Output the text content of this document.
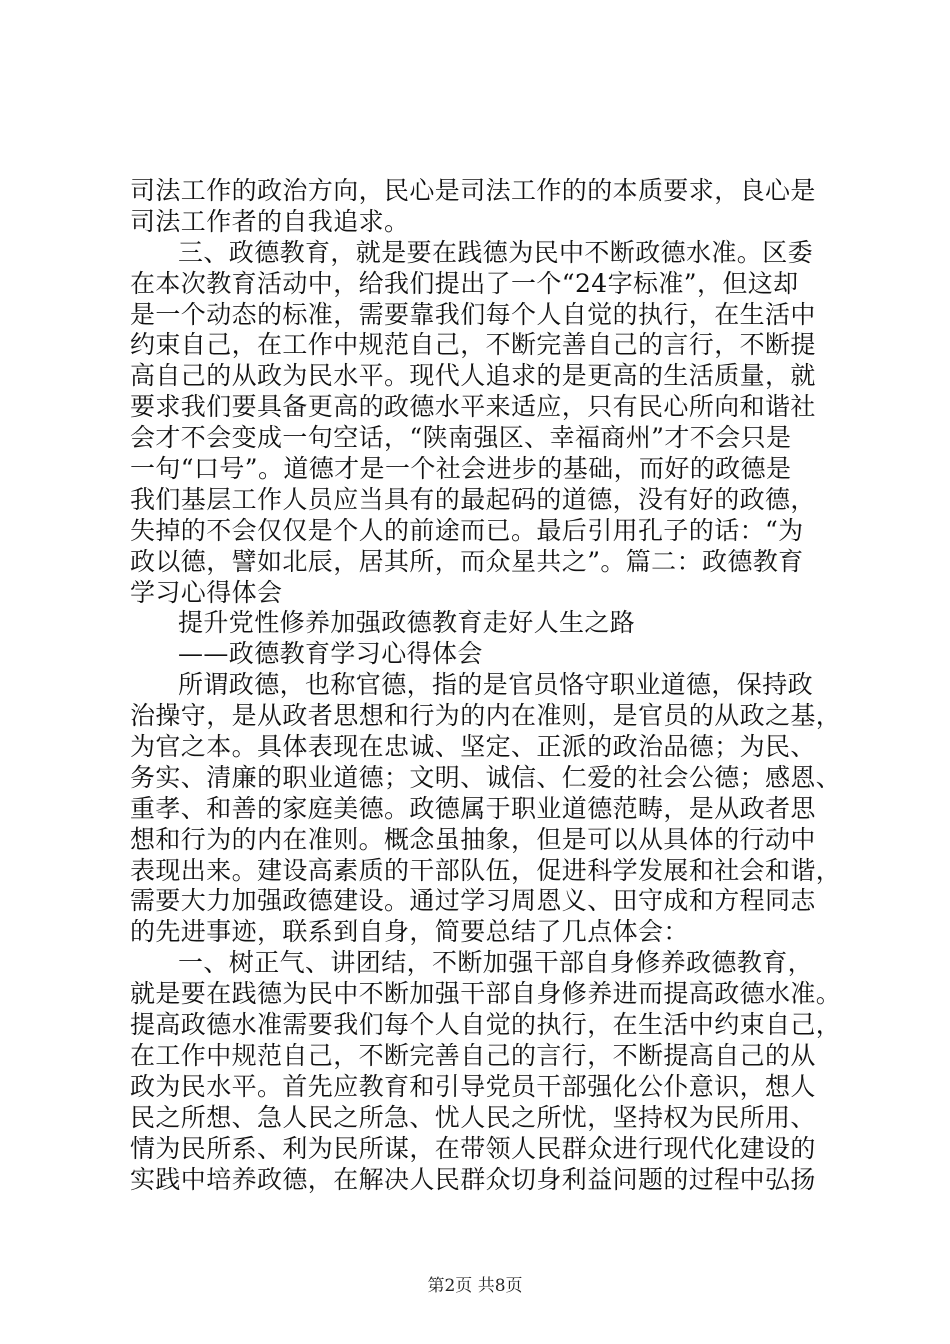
司法工作的政治方向，民心是司法工作的的本质要求，良心是
司法工作者的自我追求。
三、政德教育，就是要在践德为民中不断政德水准。区委
在本次教育活动中，给我们提出了一个“24字标准”，但这却
是一个动态的标准，需要靠我们每个人自觉的执行，在生活中
约束自己，在工作中规范自己，不断完善自己的言行，不断提
高自己的从政为民水平。现代人追求的是更高的生活质量，就
要求我们要具备更高的政德水平来适应，只有民心所向和谐社
会才不会变成一句空话，“陕南强区、幸福商州”才不会只是
一句“口号”。道德才是一个社会进步的基础，而好的政德是
我们基层工作人员应当具有的最起码的道德，没有好的政德，
失掉的不会仅仅是个人的前途而已。最后引用孔子的话：“为
政以德，譬如北辰，居其所，而众星共之”。篇二：政德教育
学习心得体会
提升党性修养加强政德教育走好人生之路
——政德教育学习心得体会
所谓政德，也称官德，指的是官员恪守职业道德，保持政
治操守，是从政者思想和行为的内在准则，是官员的从政之基，
为官之本。具体表现在忠诚、坚定、正派的政治品德；为民、
务实、清廉的职业道德；文明、诚信、仁爱的社会公德；感恩、
重孝、和善的家庭美德。政德属于职业道德范畴，是从政者思
想和行为的内在准则。概念虽抽象，但是可以从具体的行动中
表现出来。建设高素质的干部队伍，促进科学发展和社会和谐，
需要大力加强政德建设。通过学习周恩义、田守成和方程同志
的先进事迹，联系到自身，简要总结了几点体会：
一、树正气、讲团结，不断加强干部自身修养政德教育，
就是要在践德为民中不断加强干部自身修养进而提高政德水准。
提高政德水准需要我们每个人自觉的执行，在生活中约束自己，
在工作中规范自己，不断完善自己的言行，不断提高自己的从
政为民水平。首先应教育和引导党员干部强化公仆意识，想人
民之所想、急人民之所急、忧人民之所忧，坚持权为民所用、
情为民所系、利为民所谋，在带领人民群众进行现代化建设的
实践中培养政德，在解决人民群众切身利益问题的过程中弘扬
第2页 共8页
